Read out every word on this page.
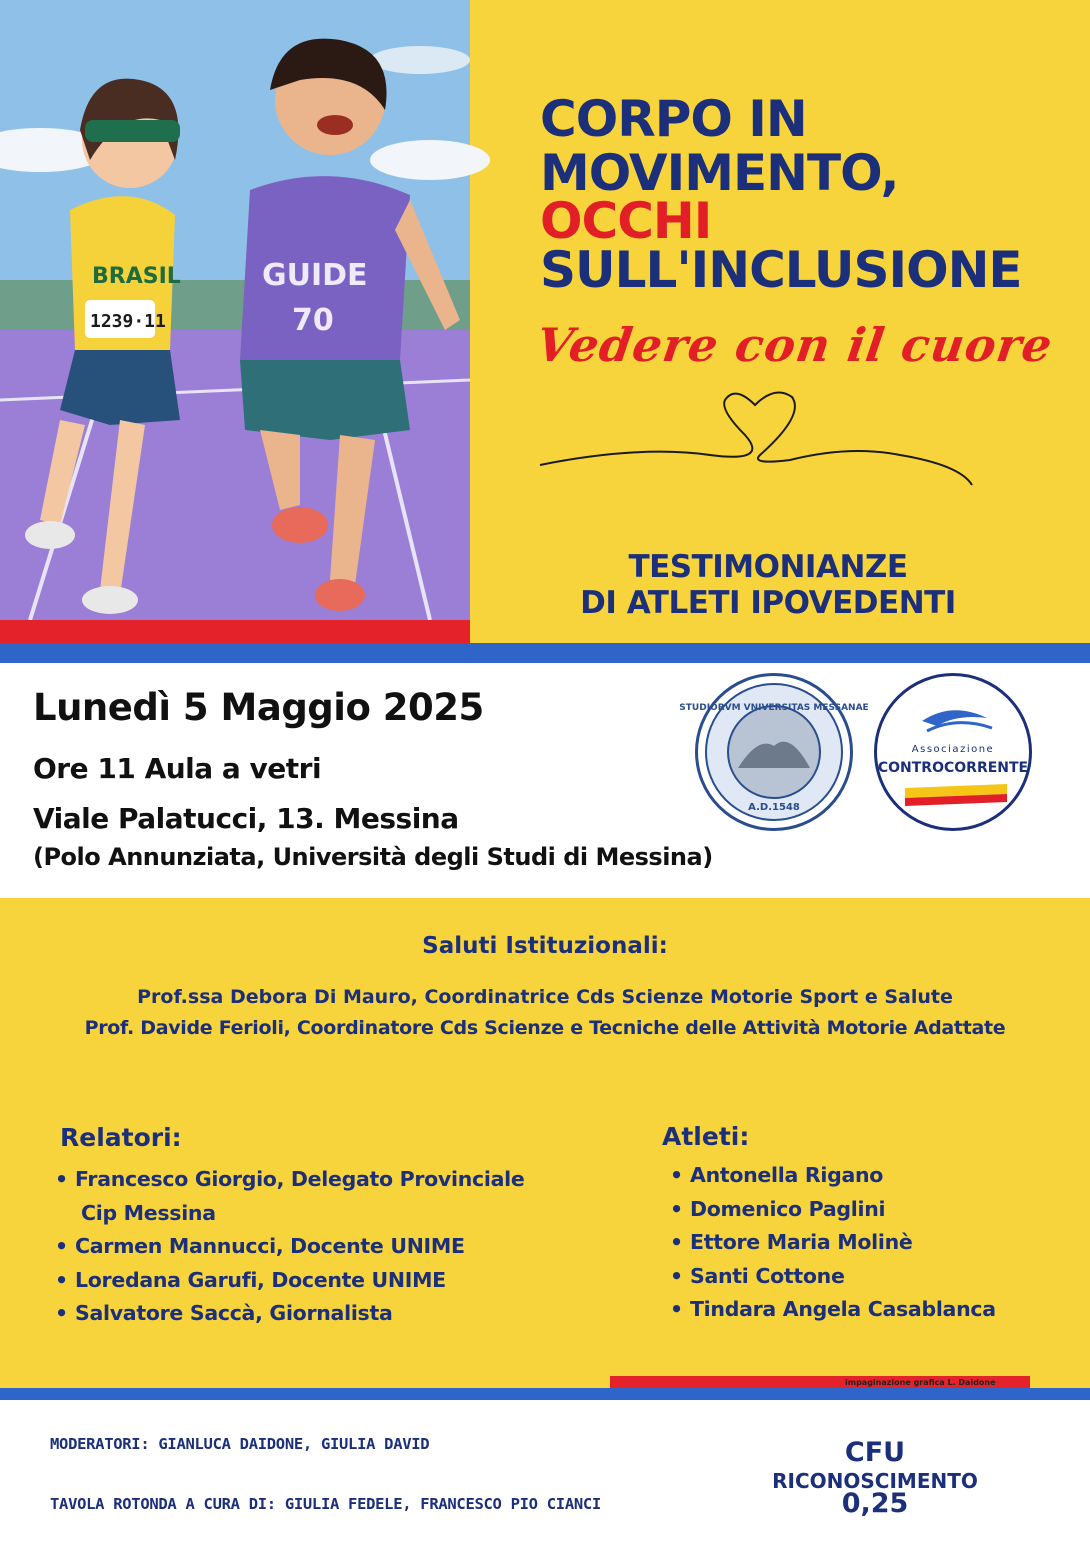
1239·11
BRASIL	GUIDE
70
CORPO IN
MOVIMENTO,
OCCHI
SULL'INCLUSIONE
Vedere con il cuore
TESTIMONIANZE
DI ATLETI IPOVEDENTI
Lunedì 5 Maggio 2025
Ore 11 Aula a vetri
Viale Palatucci, 13. Messina
(Polo Annunziata, Università degli Studi di Messina)
STUDIORVM VNIVERSITAS MESSANAE
A.D.1548
Associazione
CONTROCORRENTE
Saluti Istituzionali:
Prof.ssa Debora Di Mauro, Coordinatrice Cds Scienze Motorie Sport e Salute
Prof. Davide Ferioli, Coordinatore Cds Scienze e Tecniche delle Attività Motorie Adattate
Relatori:
• Francesco Giorgio, Delegato Provinciale
Cip Messina
• Carmen Mannucci, Docente UNIME
• Loredana Garufi, Docente UNIME
• Salvatore Saccà, Giornalista
Atleti:
• Antonella Rigano
• Domenico Paglini
• Ettore Maria Molinè
• Santi Cottone
• Tindara Angela Casablanca
impaginazione grafica L. Daidone
MODERATORI: GIANLUCA DAIDONE, GIULIA DAVID
TAVOLA ROTONDA A CURA DI: GIULIA FEDELE, FRANCESCO PIO CIANCI
CFU
RICONOSCIMENTO
0,25
